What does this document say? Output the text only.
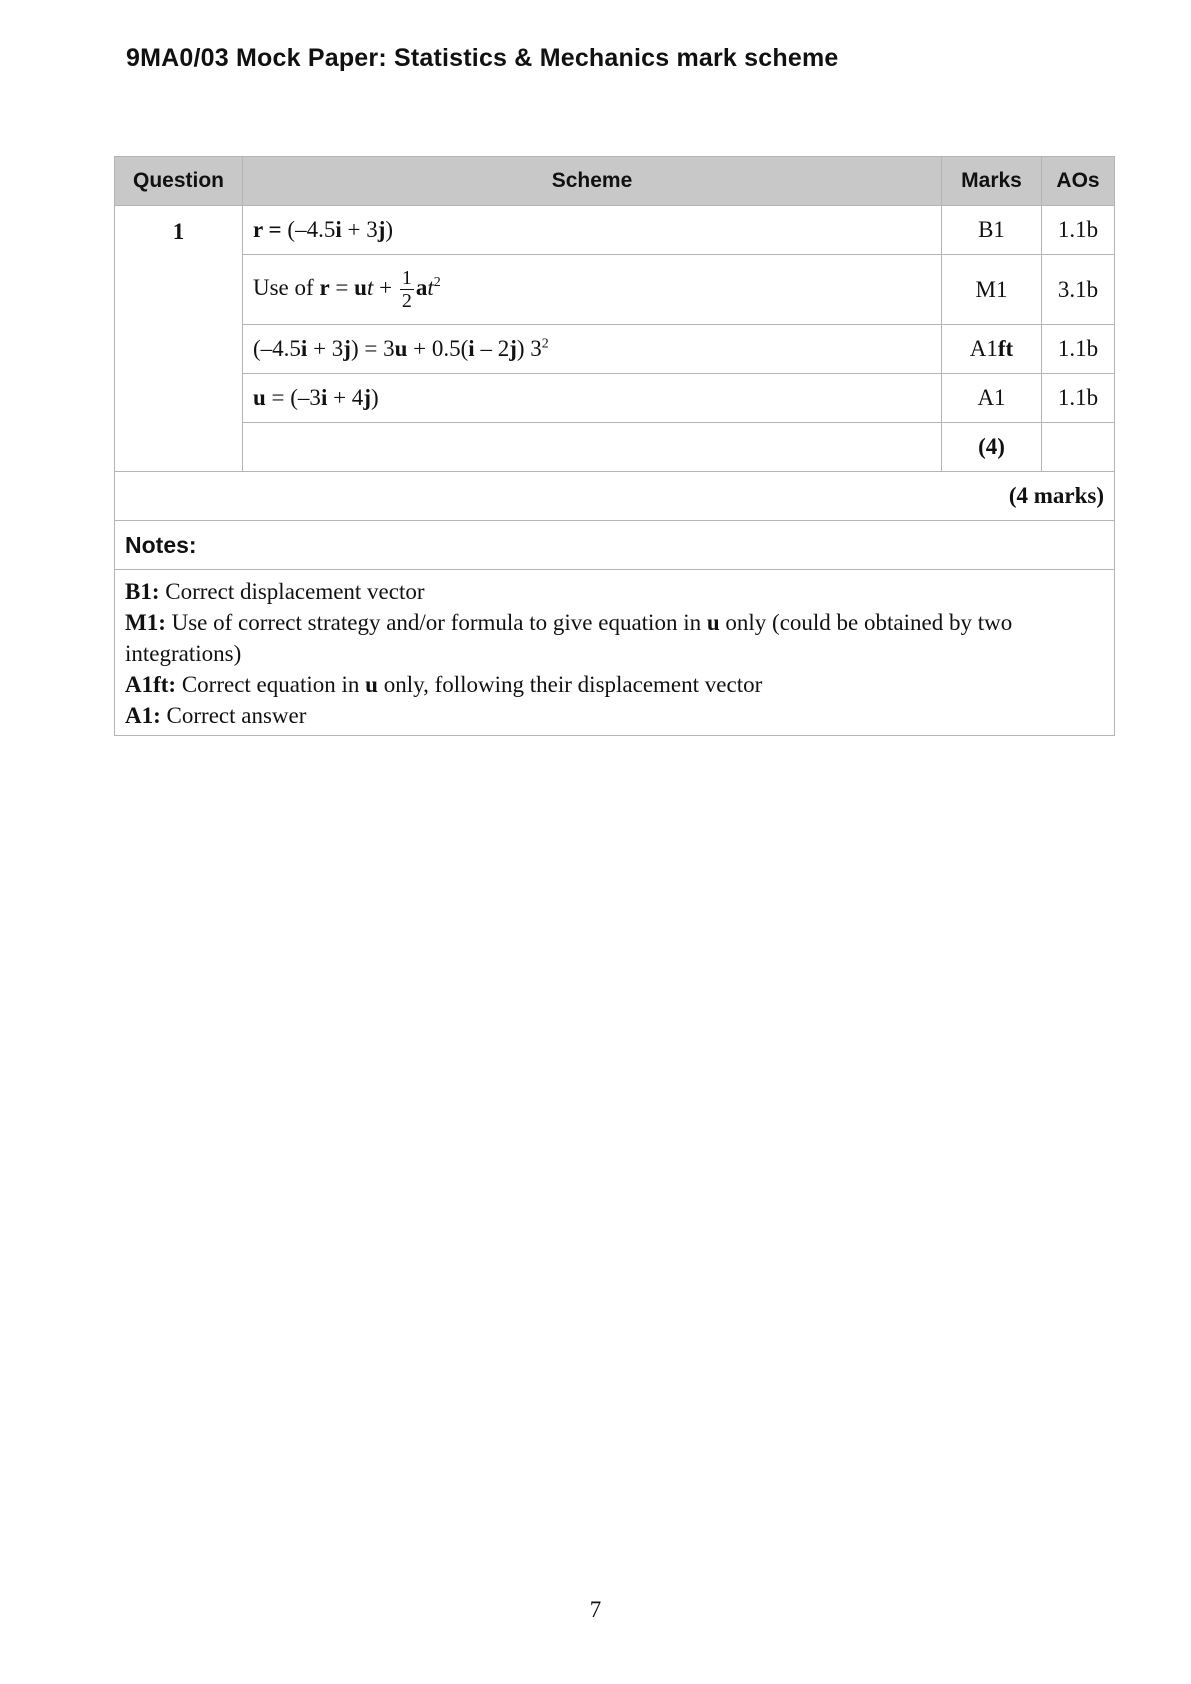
9MA0/03 Mock Paper: Statistics & Mechanics mark scheme
Question	Scheme	Marks	AOs
1	r = (–4.5i + 3j)	B1	1.1b
	Use of r = ut + $\frac{1}{2} at^2$	M1	3.1b
	(–4.5i + 3j) = 3u + 0.5(i – 2j) $3^2$	A1ft	1.1b
	u = (–3i + 4j)	A1	1.1b
		(4)	
(4 marks)			
Notes:			

B1: Correct displacement vector

M1: Use of correct strategy and/or formula to give equation in u only (could be obtained by two integrations)

A1ft: Correct equation in u only, following their displacement vector

A1: Correct answer			

7
